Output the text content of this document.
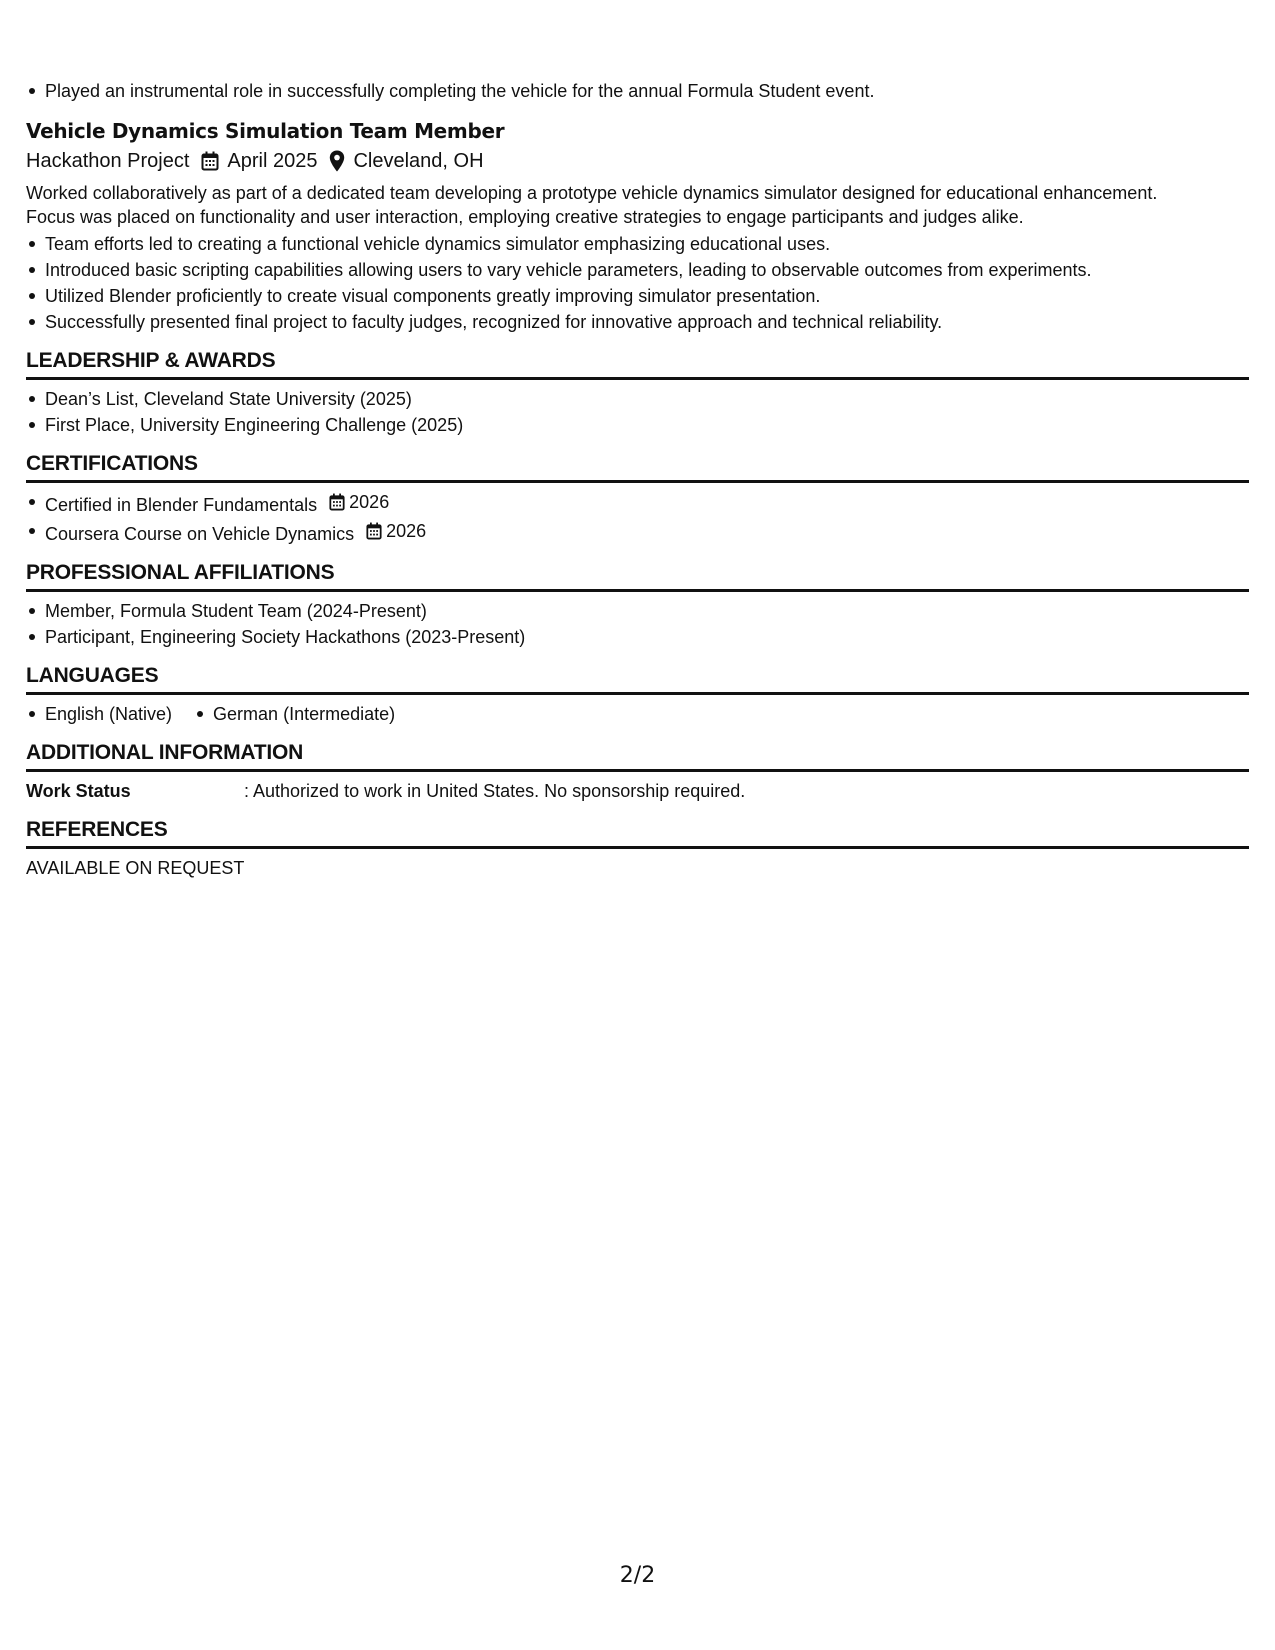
Played an instrumental role in successfully completing the vehicle for the annual Formula Student event.
Vehicle Dynamics Simulation Team Member
Hackathon Project April 2025 Cleveland, OH
Worked collaboratively as part of a dedicated team developing a prototype vehicle dynamics simulator designed for educational enhancement.
Focus was placed on functionality and user interaction, employing creative strategies to engage participants and judges alike.
Team efforts led to creating a functional vehicle dynamics simulator emphasizing educational uses.
Introduced basic scripting capabilities allowing users to vary vehicle parameters, leading to observable outcomes from experiments.
Utilized Blender proficiently to create visual components greatly improving simulator presentation.
Successfully presented final project to faculty judges, recognized for innovative approach and technical reliability.
LEADERSHIP & AWARDS
Dean’s List, Cleveland State University (2025)
First Place, University Engineering Challenge (2025)
CERTIFICATIONS
Certified in Blender Fundamentals 2026
Coursera Course on Vehicle Dynamics 2026
PROFESSIONAL AFFILIATIONS
Member, Formula Student Team (2024-Present)
Participant, Engineering Society Hackathons (2023-Present)
LANGUAGES
English (Native) German (Intermediate)
ADDITIONAL INFORMATION
Work Status	: Authorized to work in United States. No sponsorship required.
REFERENCES
AVAILABLE ON REQUEST
2/2
